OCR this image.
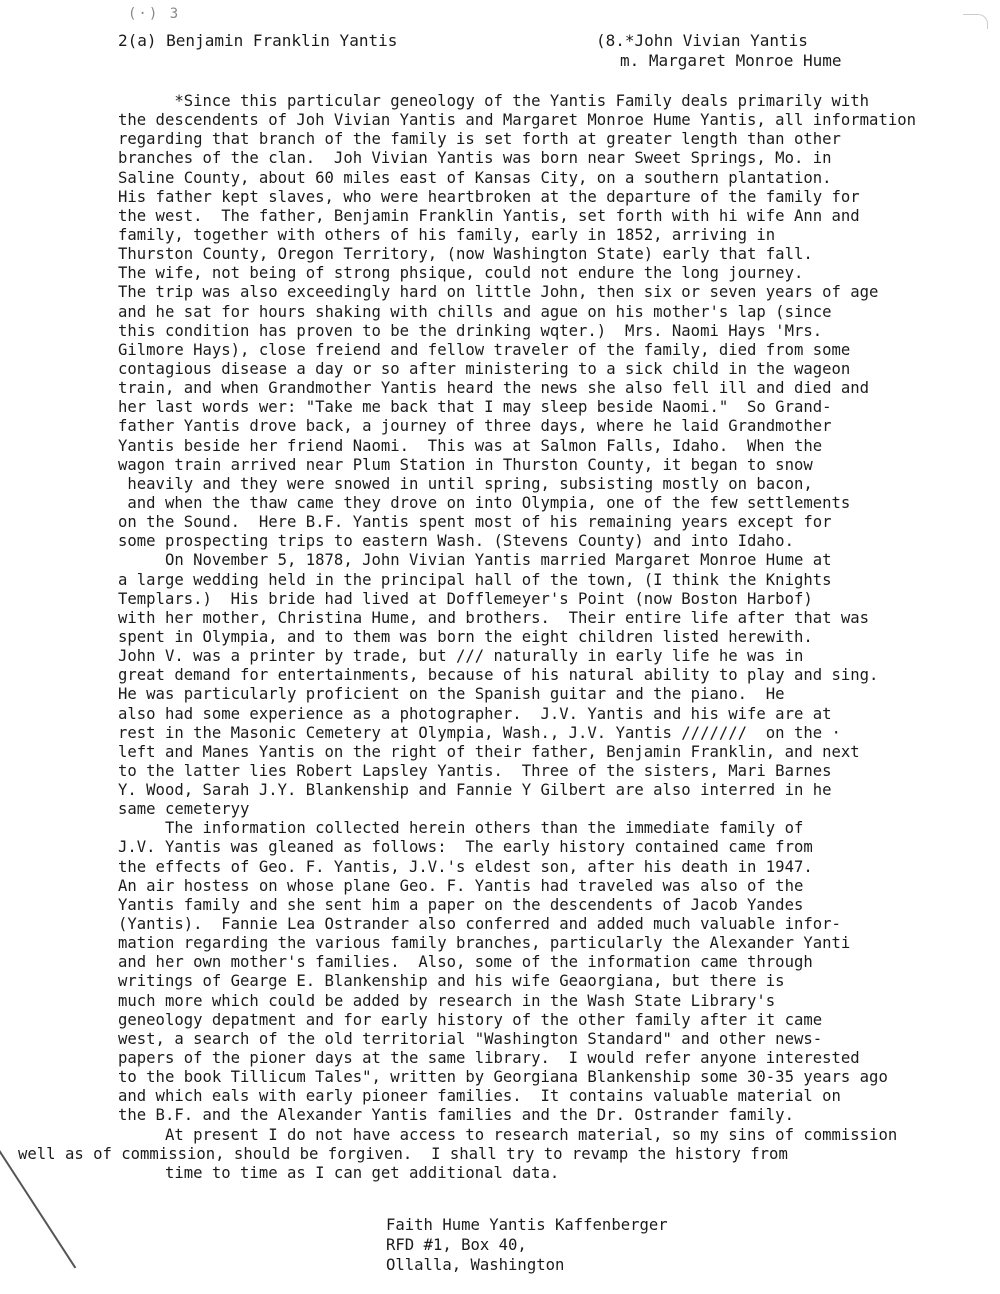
(·) 3
2(a) Benjamin Franklin Yantis	(8.*John Vivian Yantis
m. Margaret Monroe Hume
*Since this particular geneology of the Yantis Family deals primarily with
the descendents of Joh Vivian Yantis and Margaret Monroe Hume Yantis, all information
regarding that branch of the family is set forth at greater length than other
branches of the clan.  Joh Vivian Yantis was born near Sweet Springs, Mo. in
Saline County, about 60 miles east of Kansas City, on a southern plantation.
His father kept slaves, who were heartbroken at the departure of the family for
the west.  The father, Benjamin Franklin Yantis, set forth with hi wife Ann and
family, together with others of his family, early in 1852, arriving in
Thurston County, Oregon Territory, (now Washington State) early that fall.
The wife, not being of strong phsique, could not endure the long journey.
The trip was also exceedingly hard on little John, then six or seven years of age
and he sat for hours shaking with chills and ague on his mother's lap (since
this condition has proven to be the drinking wqter.)  Mrs. Naomi Hays 'Mrs.
Gilmore Hays), close freiend and fellow traveler of the family, died from some
contagious disease a day or so after ministering to a sick child in the wageon
train, and when Grandmother Yantis heard the news she also fell ill and died and
her last words wer: "Take me back that I may sleep beside Naomi."  So Grand-
father Yantis drove back, a journey of three days, where he laid Grandmother
Yantis beside her friend Naomi.  This was at Salmon Falls, Idaho.  When the
wagon train arrived near Plum Station in Thurston County, it began to snow
heavily and they were snowed in until spring, subsisting mostly on bacon,
and when the thaw came they drove on into Olympia, one of the few settlements
on the Sound.  Here B.F. Yantis spent most of his remaining years except for
some prospecting trips to eastern Wash. (Stevens County) and into Idaho.
On November 5, 1878, John Vivian Yantis married Margaret Monroe Hume at
a large wedding held in the principal hall of the town, (I think the Knights
Templars.)  His bride had lived at Dofflemeyer's Point (now Boston Harbof)
with her mother, Christina Hume, and brothers.  Their entire life after that was
spent in Olympia, and to them was born the eight children listed herewith.
John V. was a printer by trade, but /// naturally in early life he was in
great demand for entertainments, because of his natural ability to play and sing.
He was particularly proficient on the Spanish guitar and the piano.  He
also had some experience as a photographer.  J.V. Yantis and his wife are at
rest in the Masonic Cemetery at Olympia, Wash., J.V. Yantis ///////  on the ·
left and Manes Yantis on the right of their father, Benjamin Franklin, and next
to the latter lies Robert Lapsley Yantis.  Three of the sisters, Mari Barnes
Y. Wood, Sarah J.Y. Blankenship and Fannie Y Gilbert are also interred in he
same cemeteryy
The information collected herein others than the immediate family of
J.V. Yantis was gleaned as follows:  The early history contained came from
the effects of Geo. F. Yantis, J.V.'s eldest son, after his death in 1947.
An air hostess on whose plane Geo. F. Yantis had traveled was also of the
Yantis family and she sent him a paper on the descendents of Jacob Yandes
(Yantis).  Fannie Lea Ostrander also conferred and added much valuable infor-
mation regarding the various family branches, particularly the Alexander Yanti
and her own mother's families.  Also, some of the information came through
writings of Gearge E. Blankenship and his wife Geaorgiana, but there is
much more which could be added by research in the Wash State Library's
geneology depatment and for early history of the other family after it came
west, a search of the old territorial "Washington Standard" and other news-
papers of the pioner days at the same library.  I would refer anyone interested
to the book Tillicum Tales", written by Georgiana Blankenship some 30-35 years ago
and which eals with early pioneer families.  It contains valuable material on
the B.F. and the Alexander Yantis families and the Dr. Ostrander family.
At present I do not have access to research material, so my sins of commission
well as of commission, should be forgiven.  I shall try to revamp the history from
time to time as I can get additional data.
Faith Hume Yantis Kaffenberger
RFD #1, Box 40,
Ollalla, Washington
